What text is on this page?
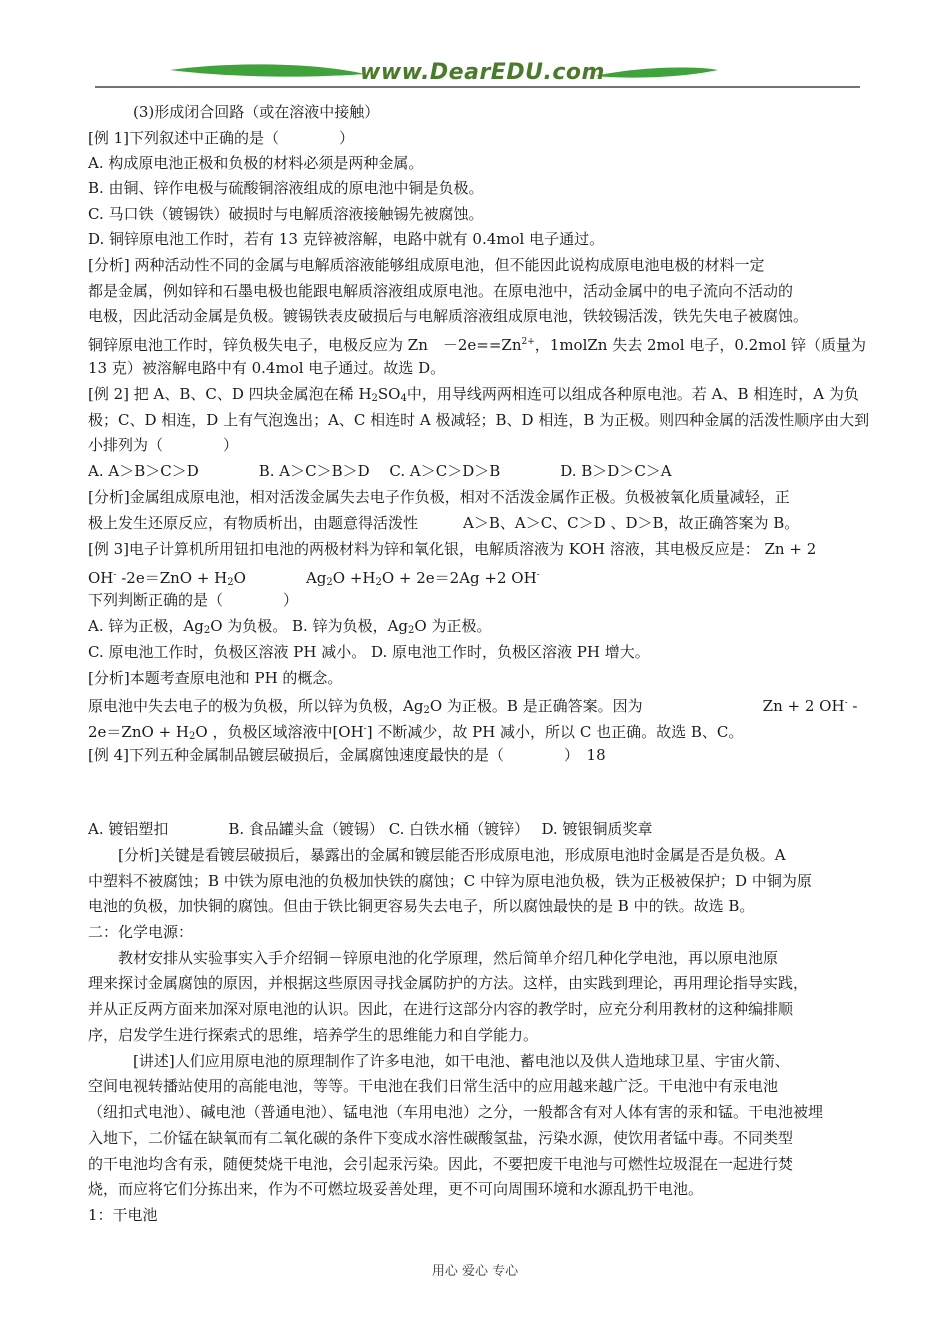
www.DearEDU.com
　　　(3)形成闭合回路（或在溶液中接触）
[例 1]下列叙述中正确的是（　　　　）
A. 构成原电池正极和负极的材料必须是两种金属。
B. 由铜、锌作电极与硫酸铜溶液组成的原电池中铜是负极。
C. 马口铁（镀锡铁）破损时与电解质溶液接触锡先被腐蚀。
D. 铜锌原电池工作时，若有 13 克锌被溶解，电路中就有 0.4mol 电子通过。
[分析] 两种活动性不同的金属与电解质溶液能够组成原电池，但不能因此说构成原电池电极的材料一定
都是金属，例如锌和石墨电极也能跟电解质溶液组成原电池。在原电池中，活动金属中的电子流向不活动的
电极，因此活动金属是负极。镀锡铁表皮破损后与电解质溶液组成原电池，铁较锡活泼，铁先失电子被腐蚀。
铜锌原电池工作时，锌负极失电子，电极反应为 Zn　$-2e==Zn^{2+}$，1molZn 失去 2mol 电子，0.2mol 锌（质量为
13 克）被溶解电路中有 0.4mol 电子通过。故选 D。
[例 2] 把 A、B、C、D 四块金属泡在稀 $H_2SO_4$中，用导线两两相连可以组成各种原电池。若 A、B 相连时，A 为负
极；C、D 相连，D 上有气泡逸出；A、C 相连时 A 极减轻；B、D 相连，B 为正极。则四种金属的活泼性顺序由大到
小排列为（　　　　）
A. A＞B＞C＞D　　　　B. A＞C＞B＞D　 C. A＞C＞D＞B　　　　D. B＞D＞C＞A
[分析]金属组成原电池，相对活泼金属失去电子作负极，相对不活泼金属作正极。负极被氧化质量减轻，正
极上发生还原反应，有物质析出，由题意得活泼性　　　A＞B、A＞C、C＞D 、D＞B，故正确答案为 B。
[例 3]电子计算机所用钮扣电池的两极材料为锌和氧化银，电解质溶液为 KOH 溶液，其电极反应是： Zn + 2
OH- $-2e=ZnO + H_2O$　　　　$Ag_2O +H_2O + 2e=2Ag +2$ OH-
下列判断正确的是（　　　　）
A. 锌为正极，$Ag_2O$ 为负极。 B. 锌为负极，$Ag_2O$ 为正极。
C. 原电池工作时，负极区溶液 PH 减小。 D. 原电池工作时，负极区溶液 PH 增大。
[分析]本题考查原电池和 PH 的概念。
原电池中失去电子的极为负极，所以锌为负极，$Ag_2O$ 为正极。B 是正确答案。因为　　　　　　　　Zn + 2 OH- -
$2e=ZnO + H_2O$ ，负极区域溶液中[OH-] 不断减少，故 PH 减小，所以 C 也正确。故选 B、C。
[例 4]下列五种金属制品镀层破损后，金属腐蚀速度最快的是（　　　　）　18
A. 镀铝塑扣　　　　B. 食品罐头盒（镀锡） C. 白铁水桶（镀锌）　 D. 镀银铜质奖章
　　[分析]关键是看镀层破损后，暴露出的金属和镀层能否形成原电池，形成原电池时金属是否是负极。A
中塑料不被腐蚀；B 中铁为原电池的负极加快铁的腐蚀；C 中锌为原电池负极，铁为正极被保护；D 中铜为原
电池的负极，加快铜的腐蚀。但由于铁比铜更容易失去电子，所以腐蚀最快的是 B 中的铁。故选 B。
二：化学电源：
　　教材安排从实验事实入手介绍铜－锌原电池的化学原理，然后简单介绍几种化学电池，再以原电池原
理来探讨金属腐蚀的原因，并根据这些原因寻找金属防护的方法。这样，由实践到理论，再用理论指导实践，
并从正反两方面来加深对原电池的认识。因此，在进行这部分内容的教学时，应充分利用教材的这种编排顺
序，启发学生进行探索式的思维，培养学生的思维能力和自学能力。
　　　[讲述]人们应用原电池的原理制作了许多电池，如干电池、蓄电池以及供人造地球卫星、宇宙火箭、
空间电视转播站使用的高能电池，等等。干电池在我们日常生活中的应用越来越广泛。干电池中有汞电池
（纽扣式电池）、碱电池（普通电池）、锰电池（车用电池）之分，一般都含有对人体有害的汞和锰。干电池被埋
入地下，二价锰在缺氧而有二氧化碳的条件下变成水溶性碳酸氢盐，污染水源，使饮用者锰中毒。不同类型
的干电池均含有汞，随便焚烧干电池，会引起汞污染。因此，不要把废干电池与可燃性垃圾混在一起进行焚
烧，而应将它们分拣出来，作为不可燃垃圾妥善处理，更不可向周围环境和水源乱扔干电池。
1：干电池
用心 爱心 专心
